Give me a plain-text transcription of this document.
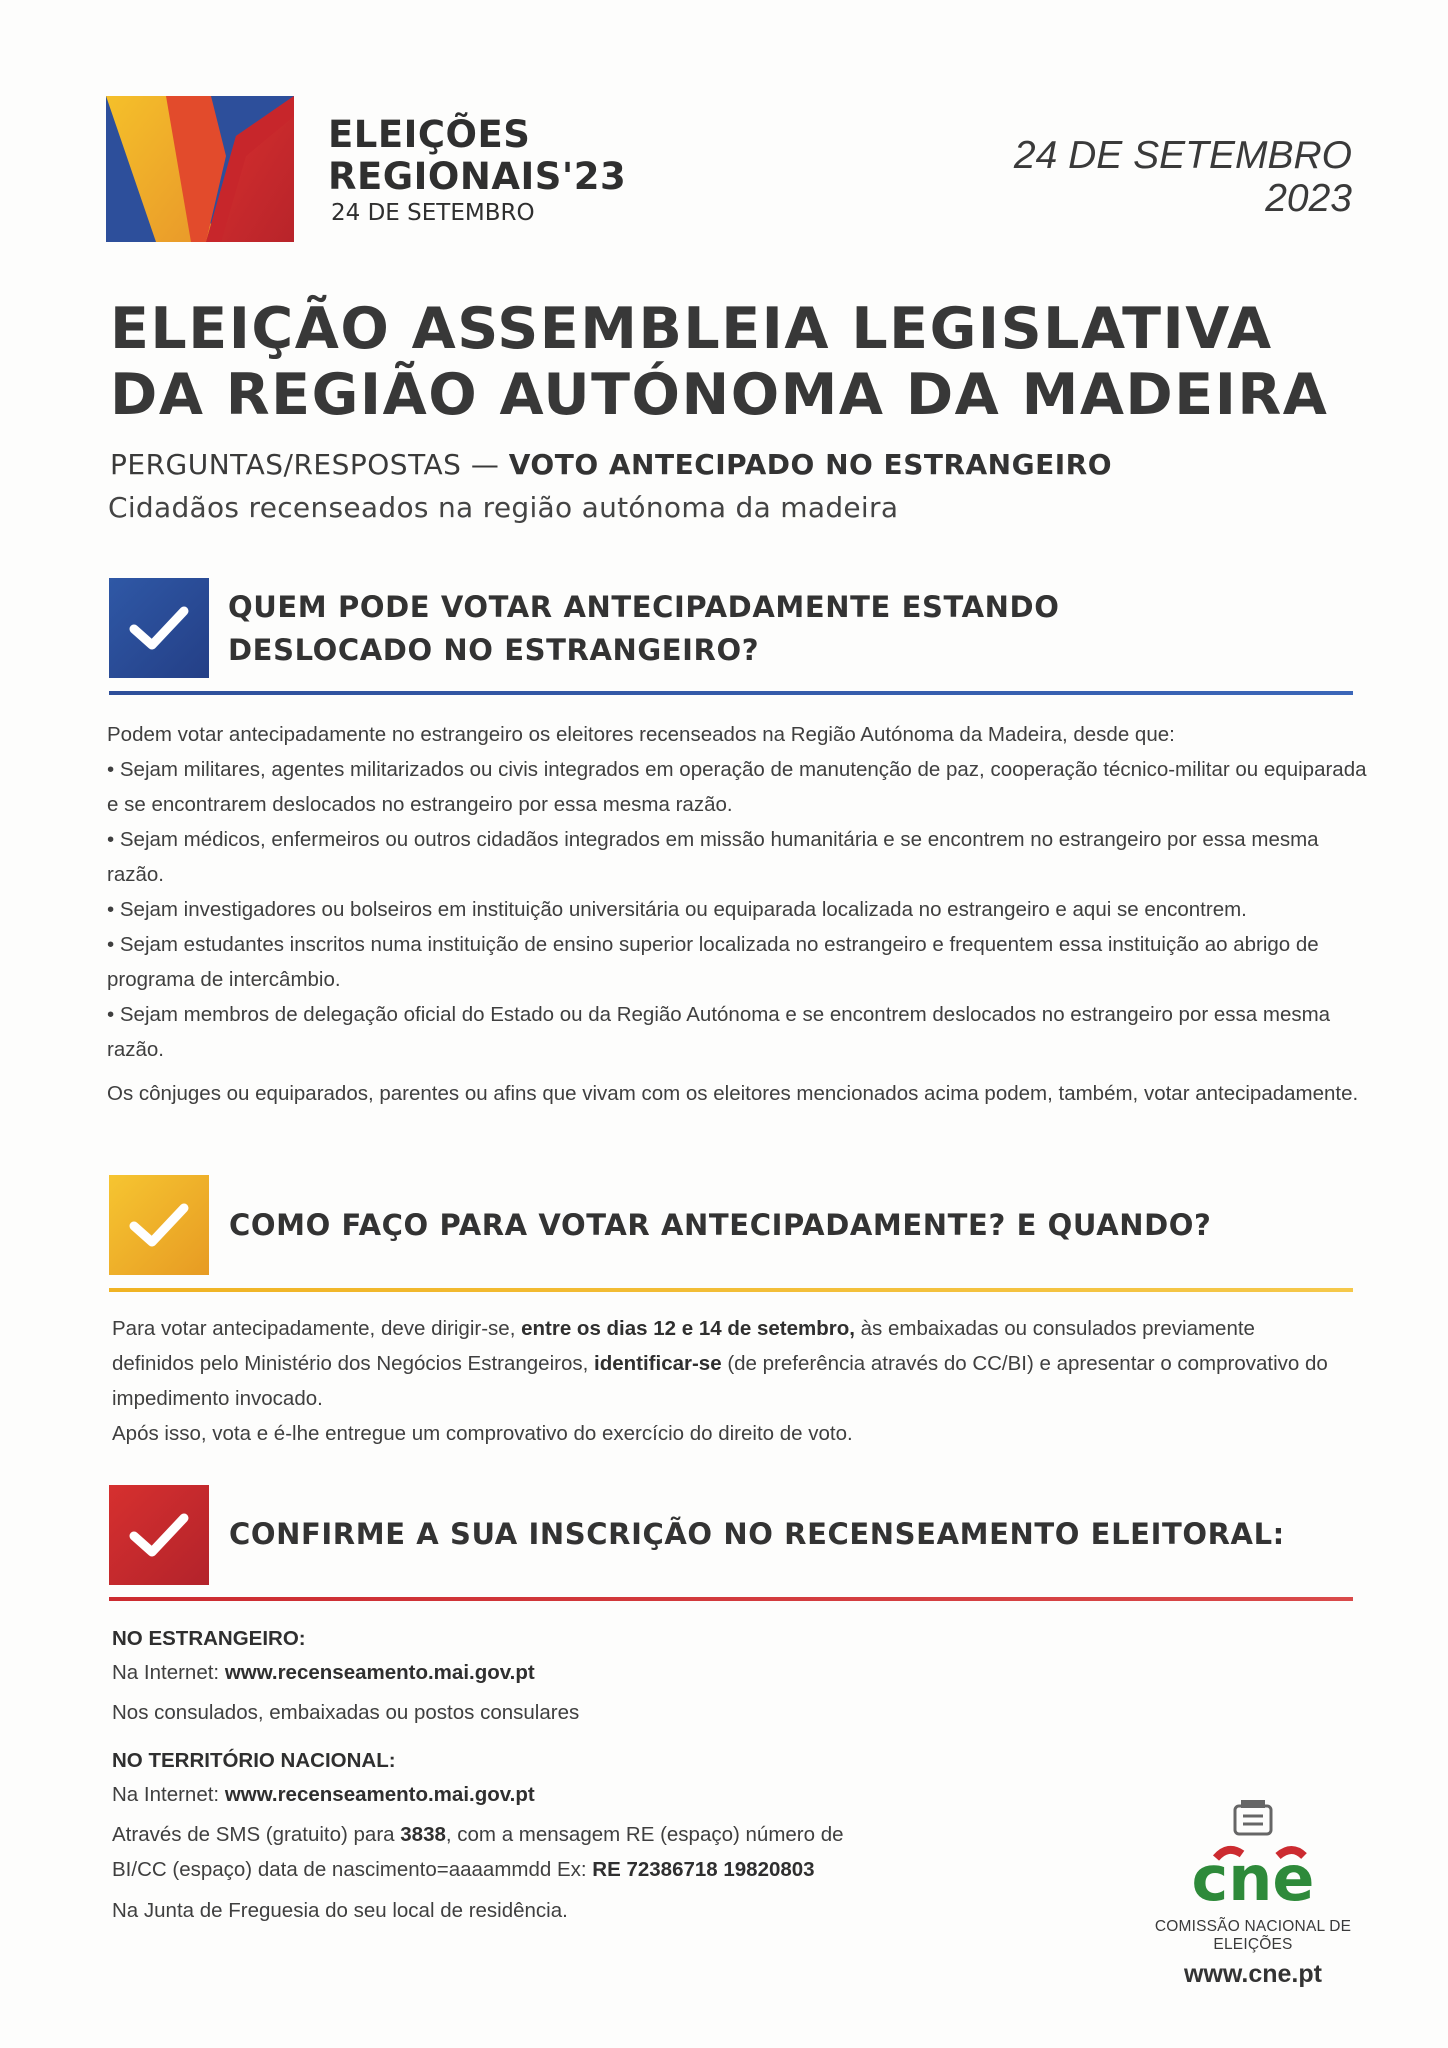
ELEIÇÕES
REGIONAIS'23
24 DE SETEMBRO
24 DE SETEMBRO
2023
ELEIÇÃO ASSEMBLEIA LEGISLATIVA
DA REGIÃO AUTÓNOMA DA MADEIRA
PERGUNTAS/RESPOSTAS — VOTO ANTECIPADO NO ESTRANGEIRO
Cidadãos recenseados na região autónoma da madeira
QUEM PODE VOTAR ANTECIPADAMENTE ESTANDO
DESLOCADO NO ESTRANGEIRO?

Podem votar antecipadamente no estrangeiro os eleitores recenseados na Região Autónoma da Madeira, desde que:

• Sejam militares, agentes militarizados ou civis integrados em operação de manutenção de paz, cooperação técnico-militar ou equiparada e se encontrarem deslocados no estrangeiro por essa mesma razão.

• Sejam médicos, enfermeiros ou outros cidadãos integrados em missão humanitária e se encontrem no estrangeiro por essa mesma razão.

• Sejam investigadores ou bolseiros em instituição universitária ou equiparada localizada no estrangeiro e aqui se encontrem.

• Sejam estudantes inscritos numa instituição de ensino superior localizada no estrangeiro e frequentem essa instituição ao abrigo de programa de intercâmbio.

• Sejam membros de delegação oficial do Estado ou da Região Autónoma e se encontrem deslocados no estrangeiro por essa mesma razão.

Os cônjuges ou equiparados, parentes ou afins que vivam com os eleitores mencionados acima podem, também, votar antecipadamente.

COMO FAÇO PARA VOTAR ANTECIPADAMENTE? E QUANDO?

Para votar antecipadamente, deve dirigir-se, entre os dias 12 e 14 de setembro, às embaixadas ou consulados previamente definidos pelo Ministério dos Negócios Estrangeiros, identificar-se (de preferência através do CC/BI) e apresentar o comprovativo do impedimento invocado.

Após isso, vota e é-lhe entregue um comprovativo do exercício do direito de voto.

CONFIRME A SUA INSCRIÇÃO NO RECENSEAMENTO ELEITORAL:
NO ESTRANGEIRO:
Na Internet: www.recenseamento.mai.gov.pt
Nos consulados, embaixadas ou postos consulares
NO TERRITÓRIO NACIONAL:
Na Internet: www.recenseamento.mai.gov.pt
Através de SMS (gratuito) para 3838, com a mensagem RE (espaço) número de
BI/CC (espaço) data de nascimento=aaaammdd Ex: RE 72386718 19820803
Na Junta de Freguesia do seu local de residência.	cne
COMISSÃO NACIONAL DE ELEIÇÕES
www.cne.pt
